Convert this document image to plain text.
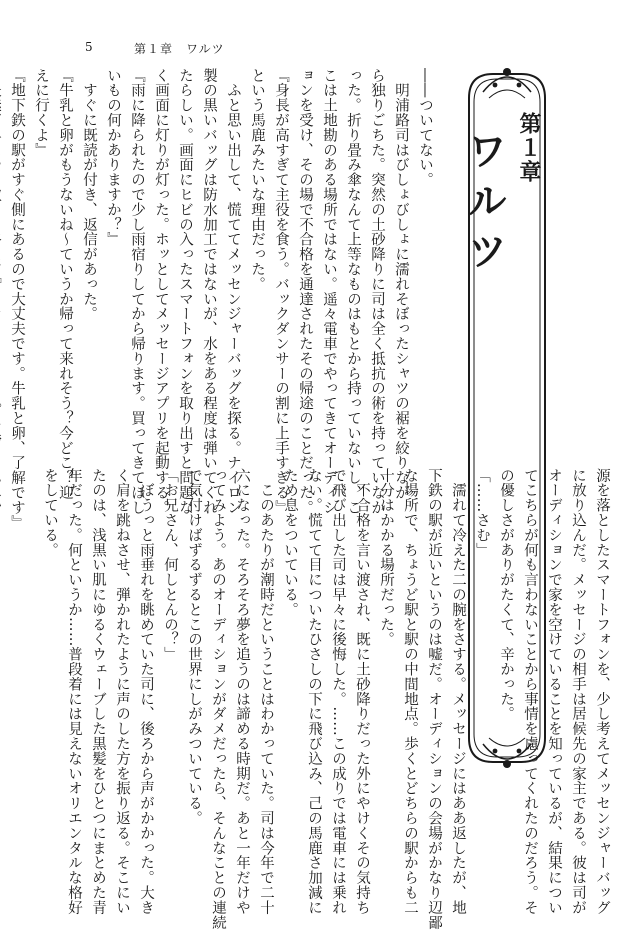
5	第１章　ワルツ
第１章
ワルツ

――ついてない。

　明浦路司はびしょびしょに濡れそぼったシャツの裾を絞りなが

ら独りごちた。突然の土砂降りに司は全く抵抗の術を持っていなか

った。折り畳み傘なんて上等なものはもとから持っていないし、こ

こは土地勘のある場所ではない。遥々電車でやってきてオーディシ

ョンを受け、その場で不合格を通達されたその帰途のことだった。

『身長が高すぎて主役を食う。バックダンサーの割に上手すぎる』

という馬鹿みたいな理由だった。

　ふと思い出して、慌ててメッセンジャーバッグを探る。ナイロン

製の黒いバッグは防水加工ではないが、水をある程度は弾いてくれ

たらしい。画面にヒビの入ったスマートフォンを取り出すと問題な

く画面に灯りが灯った。ホッとしてメッセージアプリを起動する。

『雨に降られたので少し雨宿りしてから帰ります。買ってきてほし

いもの何かありますか？』

　すぐに既読が付き、返信があった。

『牛乳と卵がもうないね～ていうか帰って来れそう？今どこ？迎

えに行くよ』

『地下鉄の駅がすぐ側にあるので大丈夫です。牛乳と卵、了解です』

源を落としたスマートフォンを、少し考えてメッセンジャーバッグ

に放り込んだ。メッセージの相手は居候先の家主である。彼は司が

オーディションで家を空けていることを知っているが、結果につい

てこちらが何も言わないことから事情を慮ってくれたのだろう。そ

の優しさがありがたくて、辛かった。

「……さむ」

　濡れて冷えた二の腕をさする。メッセージにはああ返したが、地

下鉄の駅が近いというのは嘘だ。オーディションの会場がかなり辺鄙

な場所で、ちょうど駅と駅の中間地点。歩くとどちらの駅からも二

十分はかかる場所だった。

　不合格を言い渡され、既に土砂降りだった外にやけくその気持ち

で飛び出した司は早々に後悔した。……この成りでは電車には乗れ

ない。慌てて目についたひさしの下に飛び込み、己の馬鹿さ加減に

ため息をついている。

　このあたりが潮時だということはわかっていた。司は今年で二十

六になった。そろそろ夢を追うのは諦める時期だ。あと一年だけや

ってみよう。あのオーディションがダメだったら、そんなことの連続

で気付けばずるずるとこの世界にしがみついている。

「お兄さん、何しとんの？」

　ぼうっと雨垂れを眺めていた司に、後ろから声がかかった。大き

く肩を跳ねさせ、弾かれたように声のした方を振り返る。そこにい

たのは、浅黒い肌にゆるくウェーブした黒髪をひとつにまとめた青

年だった。何というか……普段着には見えないオリエンタルな格好

をしている。
